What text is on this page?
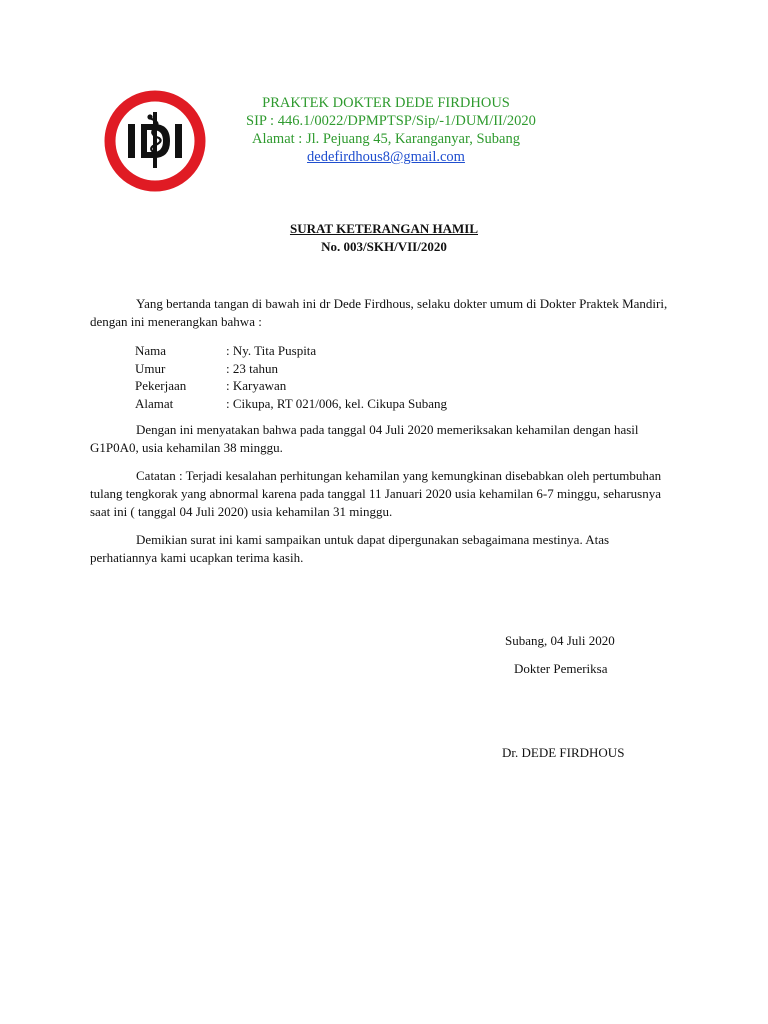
PRAKTEK DOKTER DEDE FIRDHOUS
SIP : 446.1/0022/DPMPTSP/Sip/-1/DUM/II/2020
Alamat : Jl. Pejuang 45, Karanganyar, Subang
dedefirdhous8@gmail.com
SURAT KETERANGAN HAMIL
No. 003/SKH/VII/2020
Yang bertanda tangan di bawah ini dr Dede Firdhous, selaku dokter umum di Dokter Praktek Mandiri, dengan ini menerangkan bahwa :
Nama	: Ny. Tita Puspita
Umur	: 23 tahun
Pekerjaan	: Karyawan
Alamat	: Cikupa, RT 021/006, kel. Cikupa Subang
Dengan ini menyatakan bahwa pada tanggal 04 Juli 2020 memeriksakan kehamilan dengan hasil G1P0A0, usia kehamilan 38 minggu.
Catatan : Terjadi kesalahan perhitungan kehamilan yang kemungkinan disebabkan oleh pertumbuhan tulang tengkorak yang abnormal karena pada tanggal 11 Januari 2020 usia kehamilan 6-7 minggu, seharusnya saat ini ( tanggal 04 Juli 2020) usia kehamilan 31 minggu.
Demikian surat ini kami sampaikan untuk dapat dipergunakan sebagaimana mestinya. Atas perhatiannya kami ucapkan terima kasih.
Subang, 04 Juli 2020
Dokter Pemeriksa
Dr. DEDE FIRDHOUS
